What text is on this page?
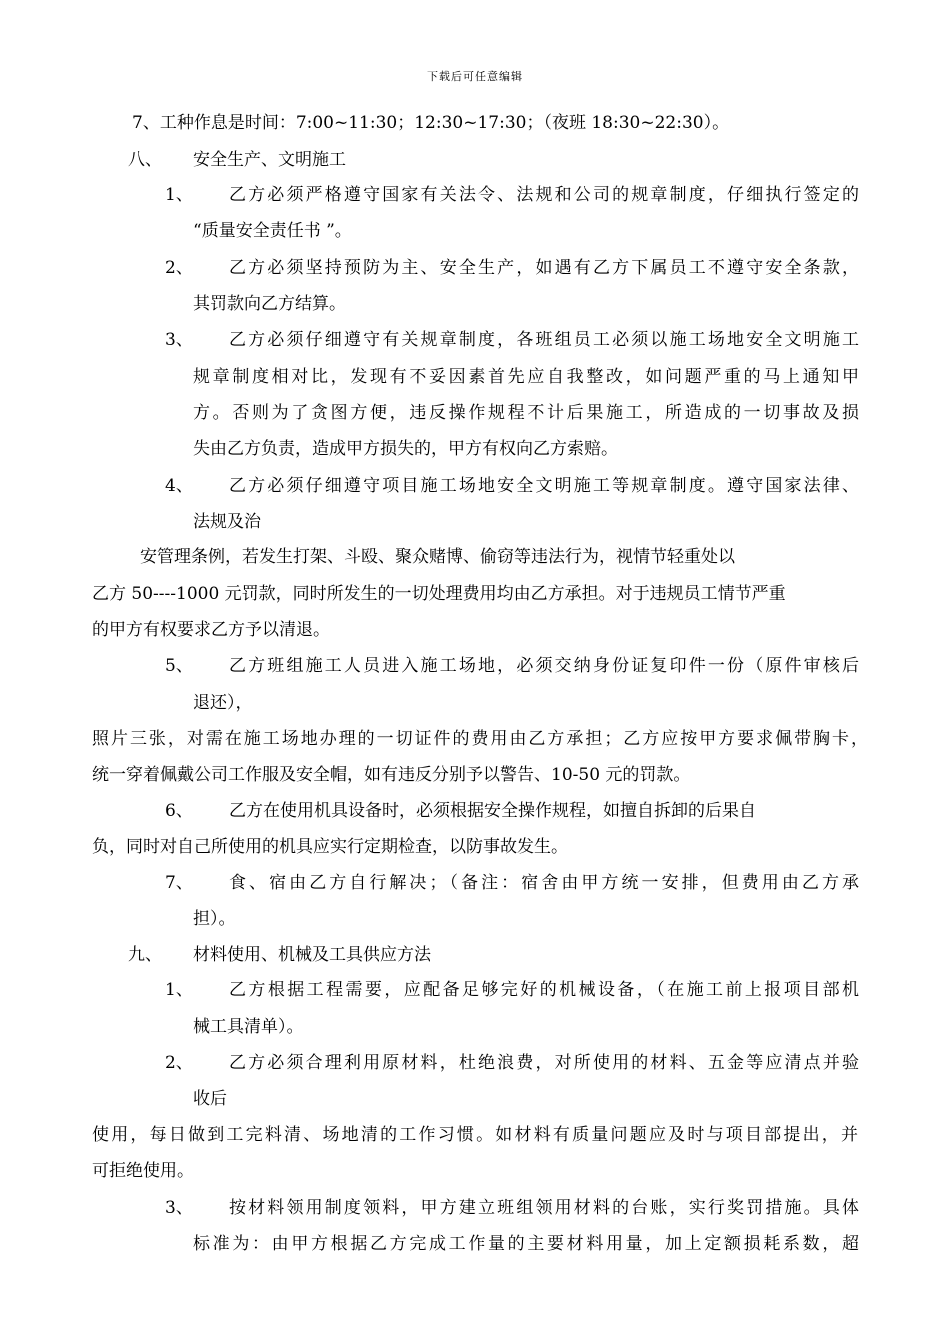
下载后可任意编辑
7、工种作息是时间：7:00~11:30；12:30~17:30；（夜班 18:30~22:30）。
八、 安全生产、文明施工
1、 乙方必须严格遵守国家有关法令、法规和公司的规章制度，仔细执行签定的
“质量安全责任书 ”。
2、 乙方必须坚持预防为主、安全生产，如遇有乙方下属员工不遵守安全条款，
其罚款向乙方结算。
3、 乙方必须仔细遵守有关规章制度，各班组员工必须以施工场地安全文明施工
规章制度相对比，发现有不妥因素首先应自我整改，如问题严重的马上通知甲
方。否则为了贪图方便，违反操作规程不计后果施工，所造成的一切事故及损
失由乙方负责，造成甲方损失的，甲方有权向乙方索赔。
4、 乙方必须仔细遵守项目施工场地安全文明施工等规章制度。遵守国家法律、
法规及治
安管理条例，若发生打架、斗殴、聚众赌博、偷窃等违法行为，视情节轻重处以
乙方 50----1000 元罚款，同时所发生的一切处理费用均由乙方承担。对于违规员工情节严重
的甲方有权要求乙方予以清退。
5、 乙方班组施工人员进入施工场地，必须交纳身份证复印件一份（原件审核后
退还），
照片三张，对需在施工场地办理的一切证件的费用由乙方承担；乙方应按甲方要求佩带胸卡，
统一穿着佩戴公司工作服及安全帽，如有违反分别予以警告、10-50 元的罚款。
6、 乙方在使用机具设备时，必须根据安全操作规程，如擅自拆卸的后果自
负，同时对自己所使用的机具应实行定期检查，以防事故发生。
7、 食、宿由乙方自行解决；（备注：宿舍由甲方统一安排，但费用由乙方承
担）。
九、 材料使用、机械及工具供应方法
1、 乙方根据工程需要，应配备足够完好的机械设备，（在施工前上报项目部机
械工具清单）。
2、 乙方必须合理利用原材料，杜绝浪费，对所使用的材料、五金等应清点并验
收后
使用，每日做到工完料清、场地清的工作习惯。如材料有质量问题应及时与项目部提出，并
可拒绝使用。
3、 按材料领用制度领料，甲方建立班组领用材料的台账，实行奖罚措施。具体
标准为：由甲方根据乙方完成工作量的主要材料用量，加上定额损耗系数，超
